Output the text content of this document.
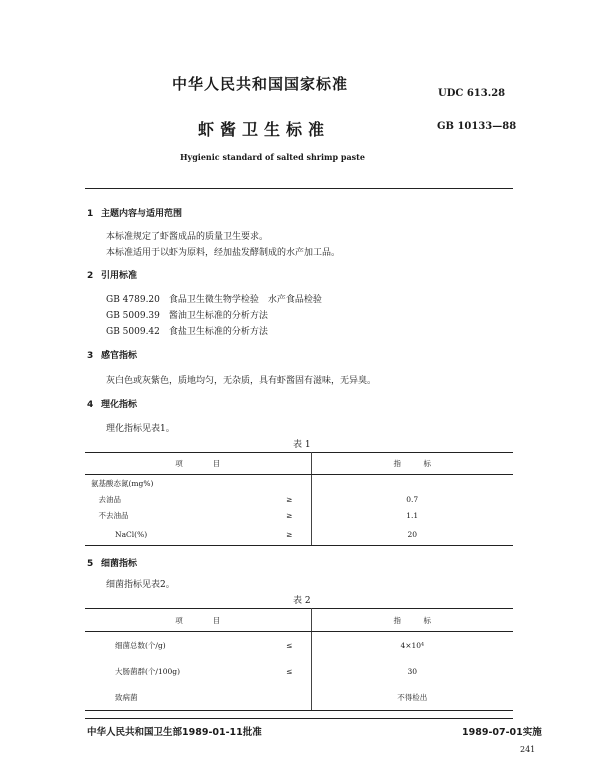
中华人民共和国国家标准
UDC 613.28
虾酱卫生标准	GB 10133—88
Hygienic standard of salted shrimp paste
1 主题内容与适用范围
本标准规定了虾酱成品的质量卫生要求。
本标准适用于以虾为原料，经加盐发酵制成的水产加工品。
2 引用标准
GB 4789.20　食品卫生微生物学检验　水产食品检验
GB 5009.39　酱油卫生标准的分析方法
GB 5009.42　食盐卫生标准的分析方法
3 感官指标
灰白色或灰紫色，质地均匀，无杂质，具有虾酱固有滋味，无异臭。
4 理化指标
理化指标见表1。
表 1
项　　　　目		指　　　标
氨基酸态氮(mg%)		
　去油品	≥	0.7
　不去油品	≥	1.1
NaCl(%)	≥	20
5 细菌指标
细菌指标见表2。
表 2
项　　　　目		指　　　标
细菌总数(个/g)	≤	4×10⁴
大肠菌群(个/100g)	≤	30
致病菌		不得检出
中华人民共和国卫生部1989-01-11批准	1989-07-01实施
241
